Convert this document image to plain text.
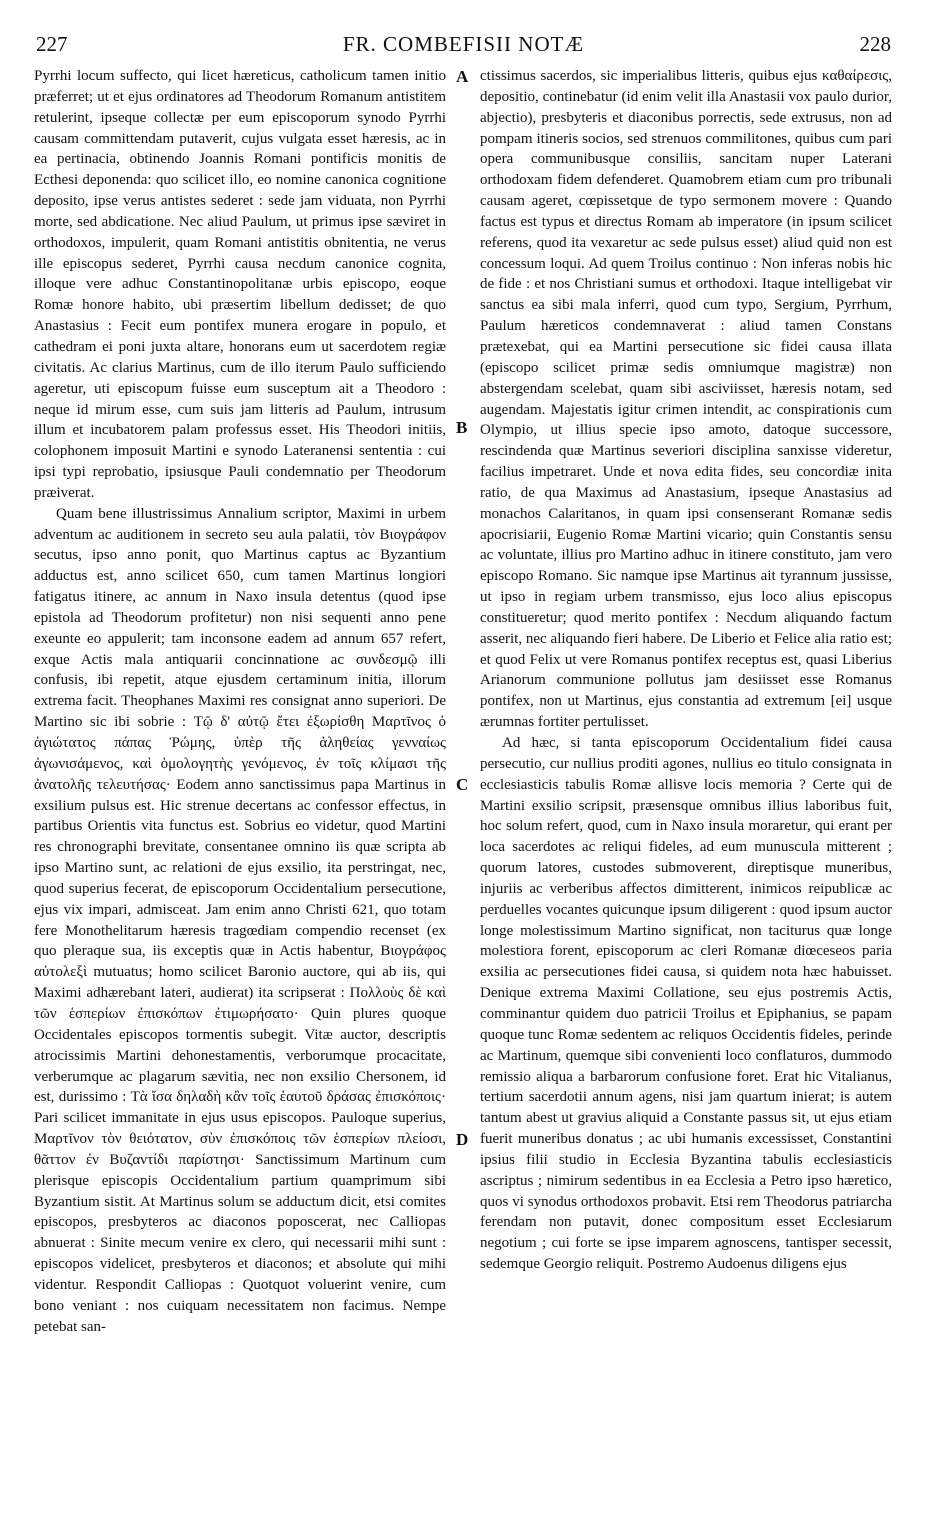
227	FR. COMBEFISII NOTÆ	228

Pyrrhi locum suffecto, qui licet hæreticus, catholicum tamen initio præferret; ut et ejus ordinatores ad Theodorum Romanum antistitem retulerint, ipseque collectæ per eum episcoporum synodo Pyrrhi causam committendam putaverit, cujus vulgata esset hæresis, ac in ea pertinacia, obtinendo Joannis Romani pontificis monitis de Ecthesi deponenda: quo scilicet illo, eo nomine canonica cognitione deposito, ipse verus antistes sederet : sede jam viduata, non Pyrrhi morte, sed abdicatione. Nec aliud Paulum, ut primus ipse sæviret in orthodoxos, impulerit, quam Romani antistitis obnitentia, ne verus ille episcopus sederet, Pyrrhi causa necdum canonice cognita, illoque vere adhuc Constantinopolitanæ urbis episcopo, eoque Romæ honore habito, ubi præsertim libellum dedisset; de quo Anastasius : Fecit eum pontifex munera erogare in populo, et cathedram ei poni juxta altare, honorans eum ut sacerdotem regiæ civitatis. Ac clarius Martinus, cum de illo iterum Paulo sufficiendo ageretur, uti episcopum fuisse eum susceptum ait a Theodoro : neque id mirum esse, cum suis jam litteris ad Paulum, intrusum illum et incubatorem palam professus esset. His Theodori initiis, colophonem imposuit Martini e synodo Lateranensi sententia : cui ipsi typi reprobatio, ipsiusque Pauli condemnatio per Theodorum præiverat.

Quam bene illustrissimus Annalium scriptor, Maximi in urbem adventum ac auditionem in secreto seu aula palatii, τὸν Βιογράφον secutus, ipso anno ponit, quo Martinus captus ac Byzantium adductus est, anno scilicet 650, cum tamen Martinus longiori fatigatus itinere, ac annum in Naxo insula detentus (quod ipse epistola ad Theodorum profitetur) non nisi sequenti anno pene exeunte eo appulerit; tam inconsone eadem ad annum 657 refert, exque Actis mala antiquarii concinnatione ac συνδεσμῷ illi confusis, ibi repetit, atque ejusdem certaminum initia, illorum extrema facit. Theophanes Maximi res consignat anno superiori. De Martino sic ibi sobrie : Τῷ δ' αὐτῷ ἔτει ἐξωρίσθη Μαρτῖνος ὁ ἁγιώτατος πάπας Ῥώμης, ὑπὲρ τῆς ἀληθείας γενναίως ἀγωνισάμενος, καὶ ὁμολογητὴς γενόμενος, ἐν τοῖς κλίμασι τῆς ἀνατολῆς τελευτήσας· Eodem anno sanctissimus papa Martinus in exsilium pulsus est. Hic strenue decertans ac confessor effectus, in partibus Orientis vita functus est. Sobrius eo videtur, quod Martini res chronographi brevitate, consentanee omnino iis quæ scripta ab ipso Martino sunt, ac relationi de ejus exsilio, ita perstringat, nec, quod superius fecerat, de episcoporum Occidentalium persecutione, ejus vix impari, admisceat. Jam enim anno Christi 621, quo totam fere Monothelitarum hæresis tragœdiam compendio recenset (ex quo pleraque sua, iis exceptis quæ in Actis habentur, Βιογράφος αὐτολεξὶ mutuatus; homo scilicet Baronio auctore, qui ab iis, qui Maximi adhærebant lateri, audierat) ita scripserat : Πολλοὺς δὲ καὶ τῶν ἑσπερίων ἐπισκόπων ἐτιμωρήσατο· Quin plures quoque Occidentales episcopos tormentis subegit. Vitæ auctor, descriptis atrocissimis Martini dehonestamentis, verborumque procacitate, verberumque ac plagarum sævitia, nec non exsilio Chersonem, id est, durissimo : Τὰ ἴσα δηλαδὴ κἂν τοῖς ἑαυτοῦ δράσας ἐπισκόποις· Pari scilicet immanitate in ejus usus episcopos. Pauloque superius, Μαρτῖνον τὸν θειότατον, σὺν ἐπισκόποις τῶν ἑσπερίων πλείοσι, θᾶττον ἐν Βυζαντίδι παρίστησι· Sanctissimum Martinum cum plerisque episcopis Occidentalium partium quamprimum sibi Byzantium sistit. At Martinus solum se adductum dicit, etsi comites episcopos, presbyteros ac diaconos poposcerat, nec Calliopas abnuerat : Sinite mecum venire ex clero, qui necessarii mihi sunt : episcopos videlicet, presbyteros et diaconos; et absolute qui mihi videntur. Respondit Calliopas : Quotquot voluerint venire, cum bono veniant : nos cuiquam necessitatem non facimus. Nempe petebat san-

A
B
C
D

ctissimus sacerdos, sic imperialibus litteris, quibus ejus καθαίρεσις, depositio, continebatur (id enim velit illa Anastasii vox paulo durior, abjectio), presbyteris et diaconibus porrectis, sede extrusus, non ad pompam itineris socios, sed strenuos commilitones, quibus cum pari opera communibusque consiliis, sancitam nuper Laterani orthodoxam fidem defenderet. Quamobrem etiam cum pro tribunali causam ageret, cœpissetque de typo sermonem movere : Quando factus est typus et directus Romam ab imperatore (in ipsum scilicet referens, quod ita vexaretur ac sede pulsus esset) aliud quid non est concessum loqui. Ad quem Troilus continuo : Non inferas nobis hic de fide : et nos Christiani sumus et orthodoxi. Itaque intelligebat vir sanctus ea sibi mala inferri, quod cum typo, Sergium, Pyrrhum, Paulum hæreticos condemnaverat : aliud tamen Constans prætexebat, qui ea Martini persecutione sic fidei causa illata (episcopo scilicet primæ sedis omniumque magistræ) non abstergendam scelebat, quam sibi asciviisset, hæresis notam, sed augendam. Majestatis igitur crimen intendit, ac conspirationis cum Olympio, ut illius specie ipso amoto, datoque successore, rescindenda quæ Martinus severiori disciplina sanxisse videretur, facilius impetraret. Unde et nova edita fides, seu concordiæ inita ratio, de qua Maximus ad Anastasium, ipseque Anastasius ad monachos Calaritanos, in quam ipsi consenserant Romanæ sedis apocrisiarii, Eugenio Romæ Martini vicario; quin Constantis sensu ac voluntate, illius pro Martino adhuc in itinere constituto, jam vero episcopo Romano. Sic namque ipse Martinus ait tyrannum jussisse, ut ipso in regiam urbem transmisso, ejus loco alius episcopus constitueretur; quod merito pontifex : Necdum aliquando factum asserit, nec aliquando fieri habere. De Liberio et Felice alia ratio est; et quod Felix ut vere Romanus pontifex receptus est, quasi Liberius Arianorum communione pollutus jam desiisset esse Romanus pontifex, non ut Martinus, ejus constantia ad extremum [ei] usque ærumnas fortiter pertulisset.

Ad hæc, si tanta episcoporum Occidentalium fidei causa persecutio, cur nullius proditi agones, nullius eo titulo consignata in ecclesiasticis tabulis Romæ allisve locis memoria ? Certe qui de Martini exsilio scripsit, præsensque omnibus illius laboribus fuit, hoc solum refert, quod, cum in Naxo insula moraretur, qui erant per loca sacerdotes ac reliqui fideles, ad eum munuscula mitterent ; quorum latores, custodes submoverent, direptisque muneribus, injuriis ac verberibus affectos dimitterent, inimicos reipublicæ ac perduelles vocantes quicunque ipsum diligerent : quod ipsum auctor longe molestissimum Martino significat, non taciturus quæ longe molestiora forent, episcoporum ac cleri Romanæ diœceseos paria exsilia ac persecutiones fidei causa, si quidem nota hæc habuisset. Denique extrema Maximi Collatione, seu ejus postremis Actis, comminantur quidem duo patricii Troilus et Epiphanius, se papam quoque tunc Romæ sedentem ac reliquos Occidentis fideles, perinde ac Martinum, quemque sibi convenienti loco conflaturos, dummodo remissio aliqua a barbarorum confusione foret. Erat hic Vitalianus, tertium sacerdotii annum agens, nisi jam quartum inierat; is autem tantum abest ut gravius aliquid a Constante passus sit, ut ejus etiam fuerit muneribus donatus ; ac ubi humanis excessisset, Constantini ipsius filii studio in Ecclesia Byzantina tabulis ecclesiasticis ascriptus ; nimirum sedentibus in ea Ecclesia a Petro ipso hæretico, quos vi synodus orthodoxos probavit. Etsi rem Theodorus patriarcha ferendam non putavit, donec compositum esset Ecclesiarum negotium ; cui forte se ipse imparem agnoscens, tantisper secessit, sedemque Georgio reliquit. Postremo Audoenus diligens ejus
